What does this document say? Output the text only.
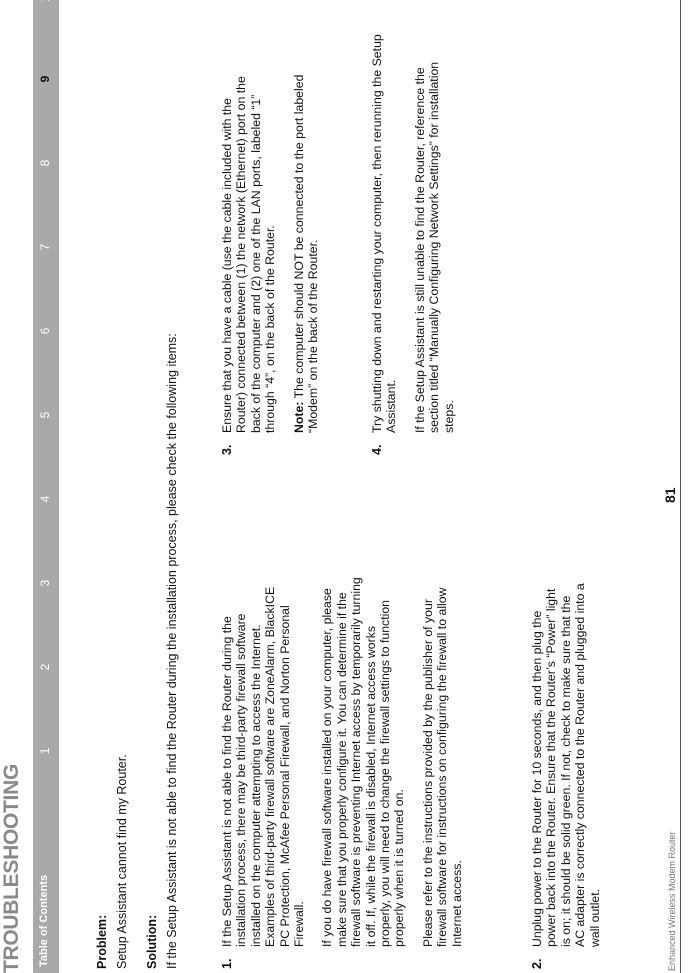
TROUBLESHOOTING Table of Contents
1
2
3
4
5
6
7
8
9
Problem: Setup Assistant cannot find my Router. Solution: If the Setup Assistant is not able to find the Router during the installation process, please check the following items:	1.

If the Setup Assistant is not able to find the Router during the installation process, there may be third-party firewall software installed on the computer attempting to access the Internet. Examples of third-party firewall software are ZoneAlarm, BlackICE PC Protection, McAfee Personal Firewall, and Norton Personal Firewall. If you do have firewall software installed on your computer, please make sure that you properly configure it. You can determine if the firewall software is preventing Internet access by temporarily turning it off. If, while the firewall is disabled, Internet access works properly, you will need to change the firewall settings to function properly when it is turned on. Please refer to the instructions provided by the publisher of your firewall software for instructions on configuring the firewall to allow Internet access.

2.

Unplug power to the Router for 10 seconds, and then plug the power back into the Router. Ensure that the Router’s “Power” light is on; it should be solid green. If not, check to make sure that the AC adapter is correctly connected to the Router and plugged into a wall outlet.

3.

Ensure that you have a cable (use the cable included with the Router) connected between (1) the network (Ethernet) port on the back of the computer and (2) one of the LAN ports, labeled “1” through “4”, on the back of the Router. Note: The computer should NOT be connected to the port labeled “Modem” on the back of the Router.

4.

Try shutting down and restarting your computer, then rerunning the Setup Assistant. If the Setup Assistant is still unable to find the Router, reference the section titled “Manually Configuring Network Settings” for installation steps.

Enhanced Wireless Modem Router
81
